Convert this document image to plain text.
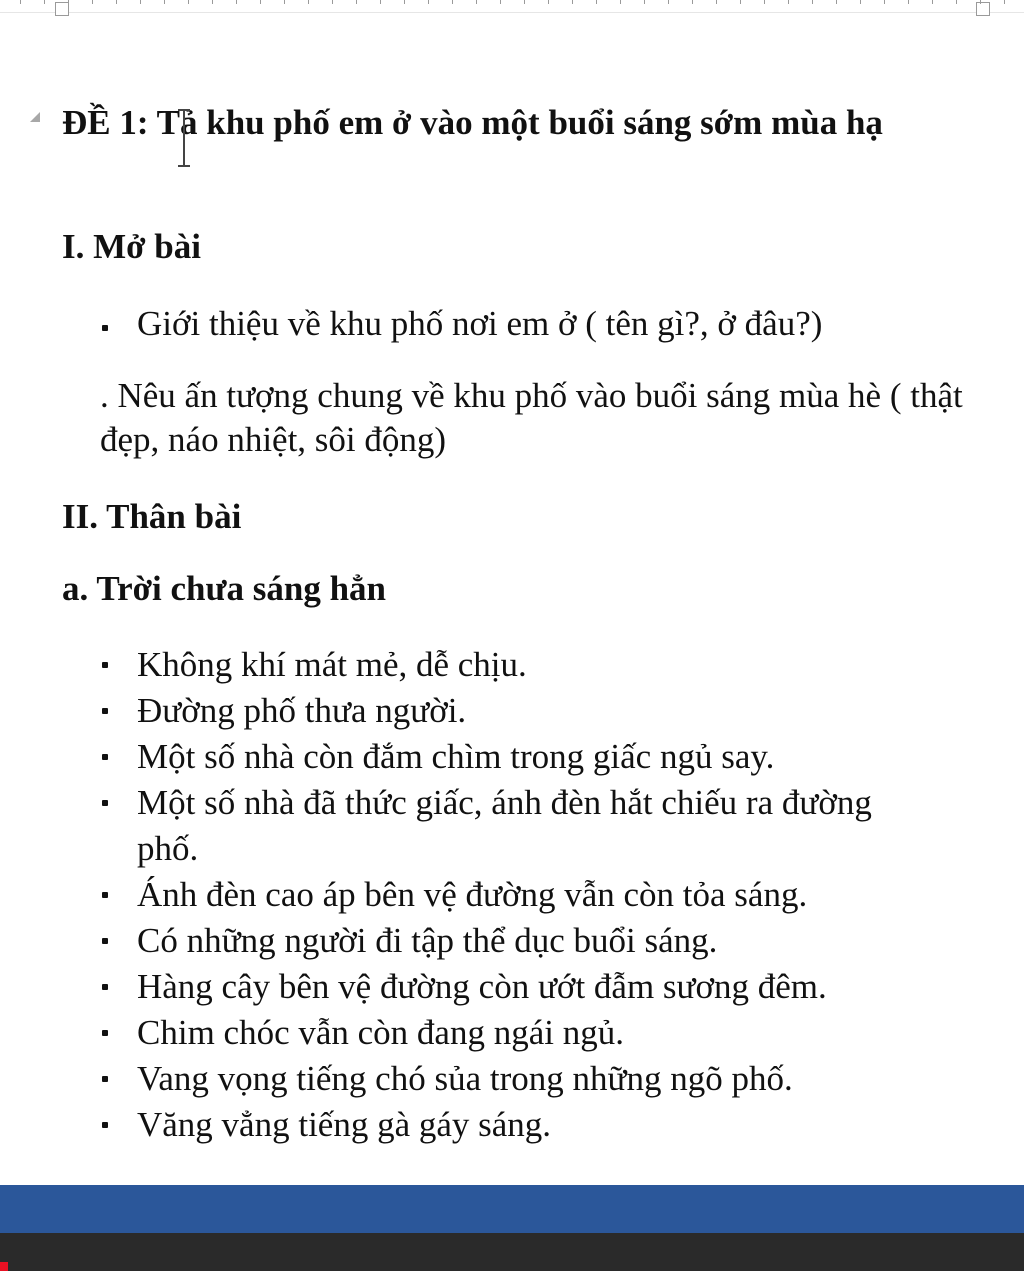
ĐỀ 1: Tả khu phố em ở vào một buổi sáng sớm mùa hạ
I. Mở bài
Giới thiệu về khu phố nơi em ở ( tên gì?, ở đâu?)
. Nêu ấn tượng chung về khu phố vào buổi sáng mùa hè ( thật đẹp, náo nhiệt, sôi động)
II. Thân bài
a. Trời chưa sáng hẳn
Không khí mát mẻ, dễ chịu.
Đường phố thưa người.
Một số nhà còn đắm chìm trong giấc ngủ say.
Một số nhà đã thức giấc, ánh đèn hắt chiếu ra đường phố.
Ánh đèn cao áp bên vệ đường vẫn còn tỏa sáng.
Có những người đi tập thể dục buổi sáng.
Hàng cây bên vệ đường còn ướt đẫm sương đêm.
Chim chóc vẫn còn đang ngái ngủ.
Vang vọng tiếng chó sủa trong những ngõ phố.
Văng vẳng tiếng gà gáy sáng.
